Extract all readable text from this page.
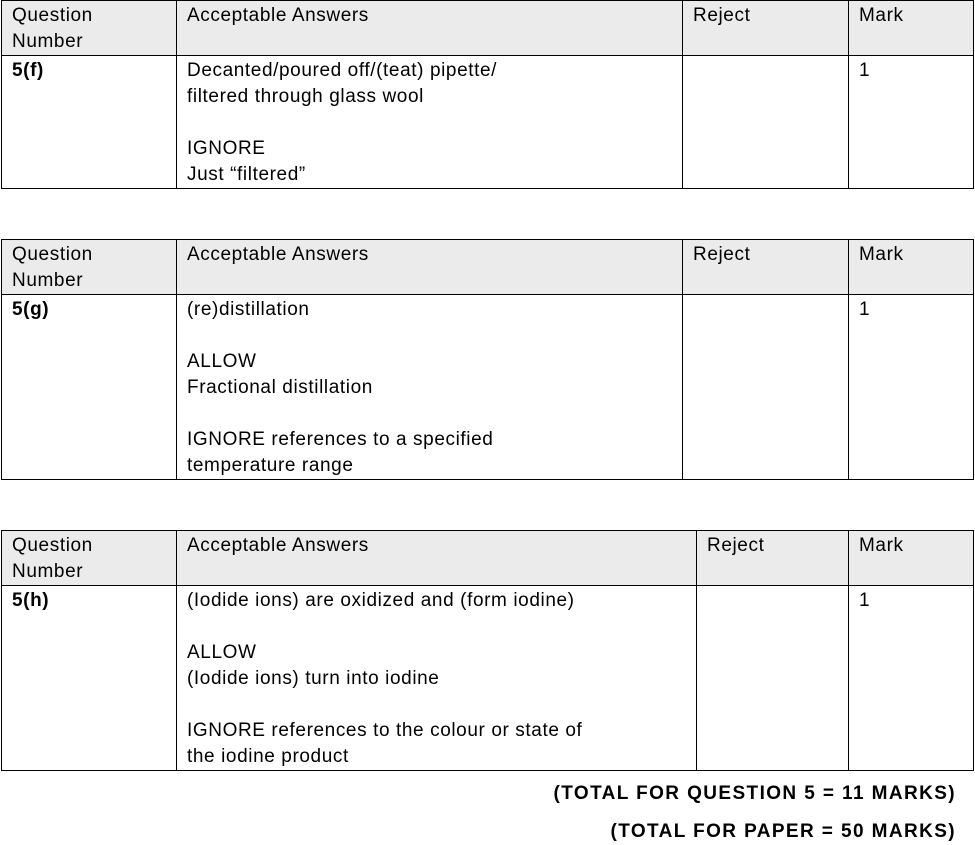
Question Number	Acceptable Answers	Reject	Mark
5(f)	Decanted/poured off/(teat) pipette/
filtered through glass wool
IGNORE
Just “filtered”		1
Question Number	Acceptable Answers	Reject	Mark
5(g)	(re)distillation
ALLOW
Fractional distillation
IGNORE references to a specified
temperature range		1
Question Number	Acceptable Answers	Reject	Mark
5(h)	(Iodide ions) are oxidized and (form iodine)
ALLOW
(Iodide ions) turn into iodine
IGNORE references to the colour or state of
the iodine product		1
(TOTAL FOR QUESTION 5 = 11 MARKS)
(TOTAL FOR PAPER = 50 MARKS)
